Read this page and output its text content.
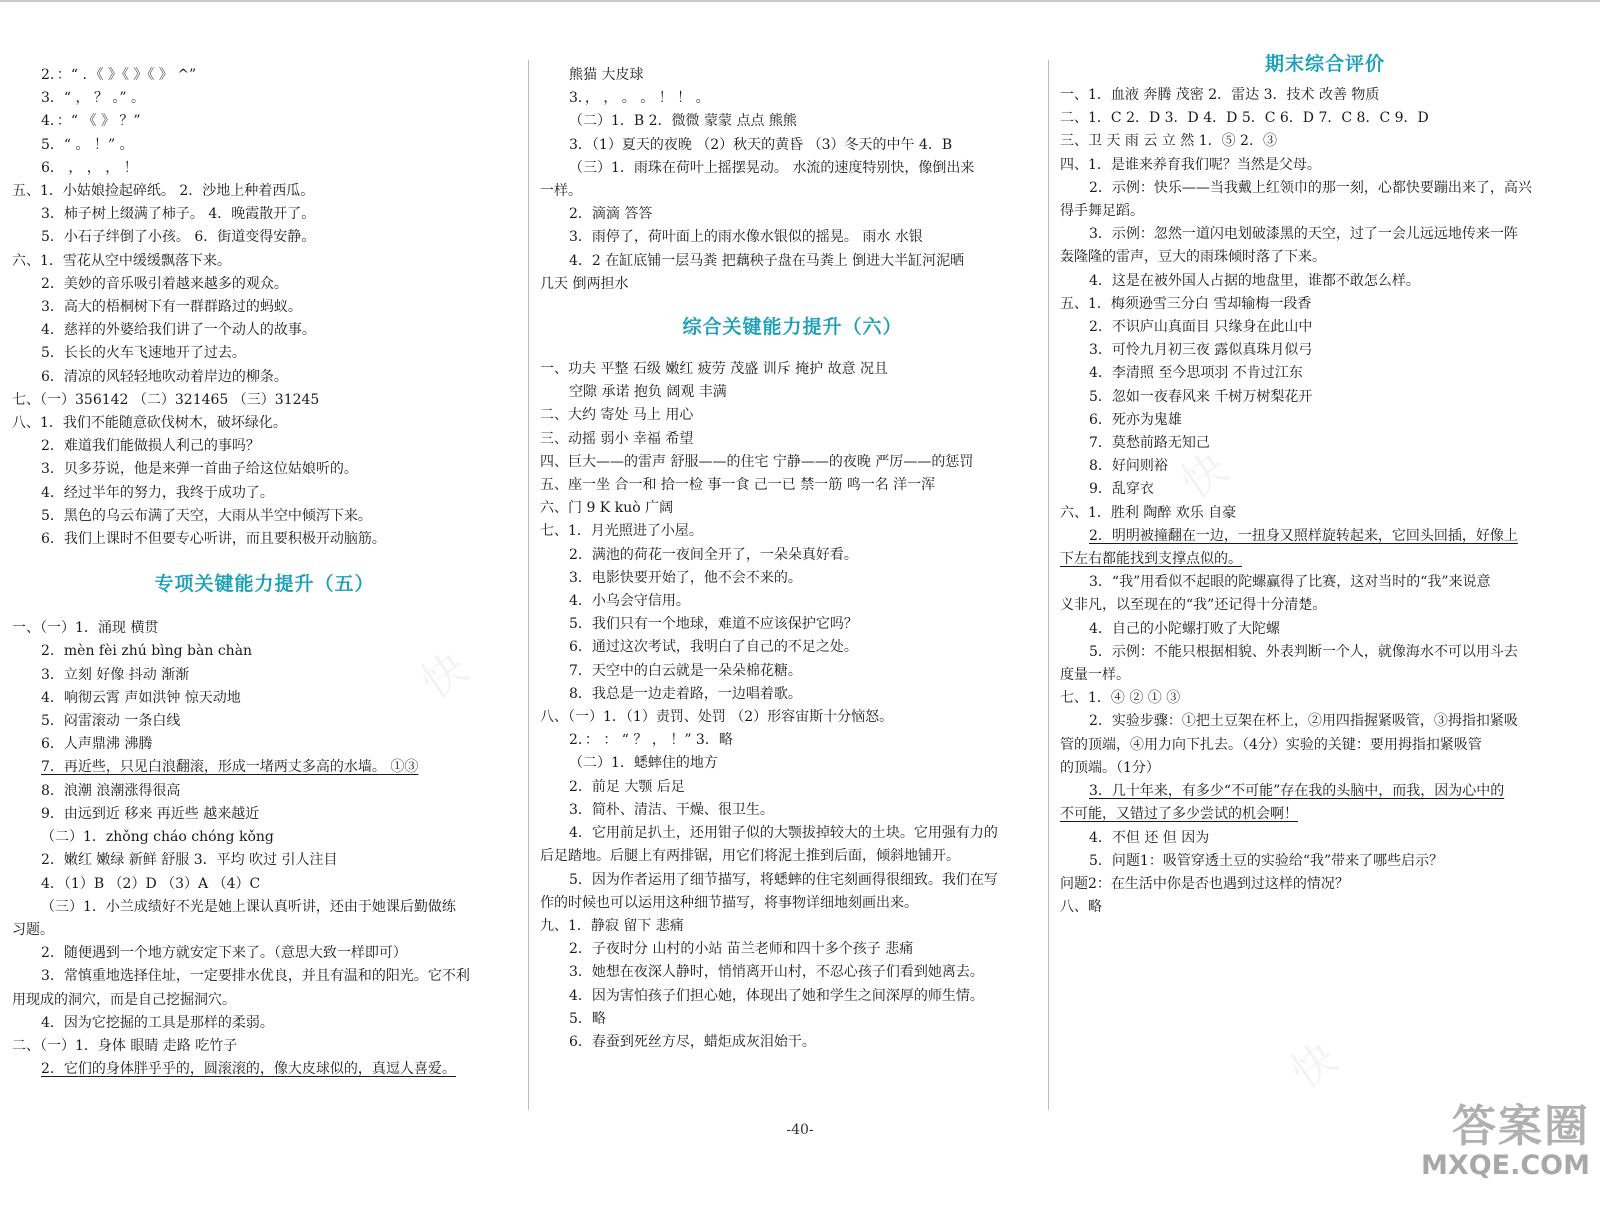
快
快
快
2．：“ ．《 》《 》《 》 ^”
3．“ ， ？ 。” 。
4．：“ 《 》 ？”
5．“ 。 ！” 。
6． ， ， ， ！
五、1．小姑娘捡起碎纸。 2．沙地上种着西瓜。
3．柿子树上缀满了柿子。 4．晚霞散开了。
5．小石子绊倒了小孩。 6．街道变得安静。
六、1．雪花从空中缓缓飘落下来。
2．美妙的音乐吸引着越来越多的观众。
3．高大的梧桐树下有一群群路过的蚂蚁。
4．慈祥的外婆给我们讲了一个动人的故事。
5．长长的火车飞速地开了过去。
6．清凉的风轻轻地吹动着岸边的柳条。
七、（一）356142 （二）321465 （三）31245
八、1．我们不能随意砍伐树木，破坏绿化。
2．难道我们能做损人利己的事吗？
3．贝多芬说，他是来弹一首曲子给这位姑娘听的。
4．经过半年的努力，我终于成功了。
5．黑色的乌云布满了天空，大雨从半空中倾泻下来。
6．我们上课时不但要专心听讲，而且要积极开动脑筋。
专项关键能力提升（五）
一、（一）1．涌现 横贯
2．mèn fèi zhú bìng bàn chàn
3．立刻 好像 抖动 渐渐
4．响彻云霄 声如洪钟 惊天动地
5．闷雷滚动 一条白线
6．人声鼎沸 沸腾
7．再近些，只见白浪翻滚，形成一堵两丈多高的水墙。 ①③
8．浪潮 浪潮涨得很高
9．由远到近 移来 再近些 越来越近
（二）1．zhǒng cháo chóng kǒng
2．嫩红 嫩绿 新鲜 舒服 3．平均 吹过 引人注目
4．（1）B （2）D （3）A （4）C
（三）1．小兰成绩好不光是她上课认真听讲，还由于她课后勤做练
习题。
2．随便遇到一个地方就安定下来了。（意思大致一样即可）
3．常慎重地选择住址，一定要排水优良，并且有温和的阳光。它不利
用现成的洞穴，而是自己挖掘洞穴。
4．因为它挖掘的工具是那样的柔弱。
二、（一）1．身体 眼睛 走路 吃竹子
2．它们的身体胖乎乎的，圆滚滚的，像大皮球似的，真逗人喜爱。
熊猫 大皮球
3．， ， 。 。 ！ ！ 。
（二）1．B 2．微微 蒙蒙 点点 熊熊
3．（1）夏天的夜晚 （2）秋天的黄昏 （3）冬天的中午 4．B
（三）1．雨珠在荷叶上摇摆晃动。 水流的速度特别快，像倒出来
一样。
2．滴滴 答答
3．雨停了，荷叶面上的雨水像水银似的摇晃。 雨水 水银
4．2 在缸底铺一层马粪 把藕秧子盘在马粪上 倒进大半缸河泥晒
几天 倒两担水
综合关键能力提升（六）
一、功夫 平整 石级 嫩红 疲劳 茂盛 训斥 掩护 故意 况且
空隙 承诺 抱负 阔观 丰满
二、大约 寄处 马上 用心
三、动摇 弱小 幸福 希望
四、巨大——的雷声 舒服——的住宅 宁静——的夜晚 严厉——的惩罚
五、座一坐 合一和 拾一检 事一食 己一已 禁一筋 鸣一名 洋一浑
六、门 9 K kuò 广阔
七、1．月光照进了小屋。
2．满池的荷花一夜间全开了，一朵朵真好看。
3．电影快要开始了，他不会不来的。
4．小乌会守信用。
5．我们只有一个地球，难道不应该保护它吗？
6．通过这次考试，我明白了自己的不足之处。
7．天空中的白云就是一朵朵棉花糖。
8．我总是一边走着路，一边唱着歌。
八、（一）1．（1）责罚、处罚 （2）形容宙斯十分恼怒。
2．： ： “ ？ ， ！” 3．略
（二）1．蟋蟀住的地方
2．前足 大颚 后足
3．简朴、清洁、干燥、很卫生。
4．它用前足扒土，还用钳子似的大颚拔掉较大的土块。它用强有力的
后足踏地。后腿上有两排锯，用它们将泥土推到后面，倾斜地铺开。
5．因为作者运用了细节描写，将蟋蟀的住宅刻画得很细致。我们在写
作的时候也可以运用这种细节描写，将事物详细地刻画出来。
九、1．静寂 留下 悲痛
2．子夜时分 山村的小站 苗兰老师和四十多个孩子 悲痛
3．她想在夜深人静时，悄悄离开山村，不忍心孩子们看到她离去。
4．因为害怕孩子们担心她，体现出了她和学生之间深厚的师生情。
5．略
6．春蚕到死丝方尽，蜡炬成灰泪始干。
期末综合评价
一、1．血液 奔腾 茂密 2．雷达 3．技术 改善 物质
二、1．C 2．D 3．D 4．D 5．C 6．D 7．C 8．C 9．D
三、卫 天 雨 云 立 然 1．⑤ 2．③
四、1．是谁来养育我们呢？当然是父母。
2．示例：快乐——当我戴上红领巾的那一刻，心都快要蹦出来了，高兴
得手舞足蹈。
3．示例：忽然一道闪电划破漆黑的天空，过了一会儿远远地传来一阵
轰隆隆的雷声，豆大的雨珠倾时落了下来。
4．这是在被外国人占据的地盘里，谁都不敢怎么样。
五、1．梅须逊雪三分白 雪却输梅一段香
2．不识庐山真面目 只缘身在此山中
3．可怜九月初三夜 露似真珠月似弓
4．李清照 至今思项羽 不肯过江东
5．忽如一夜春风来 千树万树梨花开
6．死亦为鬼雄
7．莫愁前路无知己
8．好问则裕
9．乱穿衣
六、1．胜利 陶醉 欢乐 自豪
2．明明被撞翻在一边，一扭身又照样旋转起来，它回头回插，好像上
下左右都能找到支撑点似的。
3．“我”用看似不起眼的陀螺赢得了比赛，这对当时的“我”来说意
义非凡，以至现在的“我”还记得十分清楚。
4．自己的小陀螺打败了大陀螺
5．示例：不能只根据相貌、外表判断一个人，就像海水不可以用斗去
度量一样。
七、1．④ ② ① ③
2．实验步骤：①把土豆架在杯上，②用四指握紧吸管，③拇指扣紧吸
管的顶端，④用力向下扎去。（4分）实验的关键：要用拇指扣紧吸管
的顶端。（1分）
3．几十年来，有多少“不可能”存在我的头脑中，而我，因为心中的
不可能，又错过了多少尝试的机会啊！
4．不但 还 但 因为
5．问题1：吸管穿透土豆的实验给“我”带来了哪些启示？
问题2：在生活中你是否也遇到过这样的情况？
八、略
-40-	答案圈
MXQE.COM
